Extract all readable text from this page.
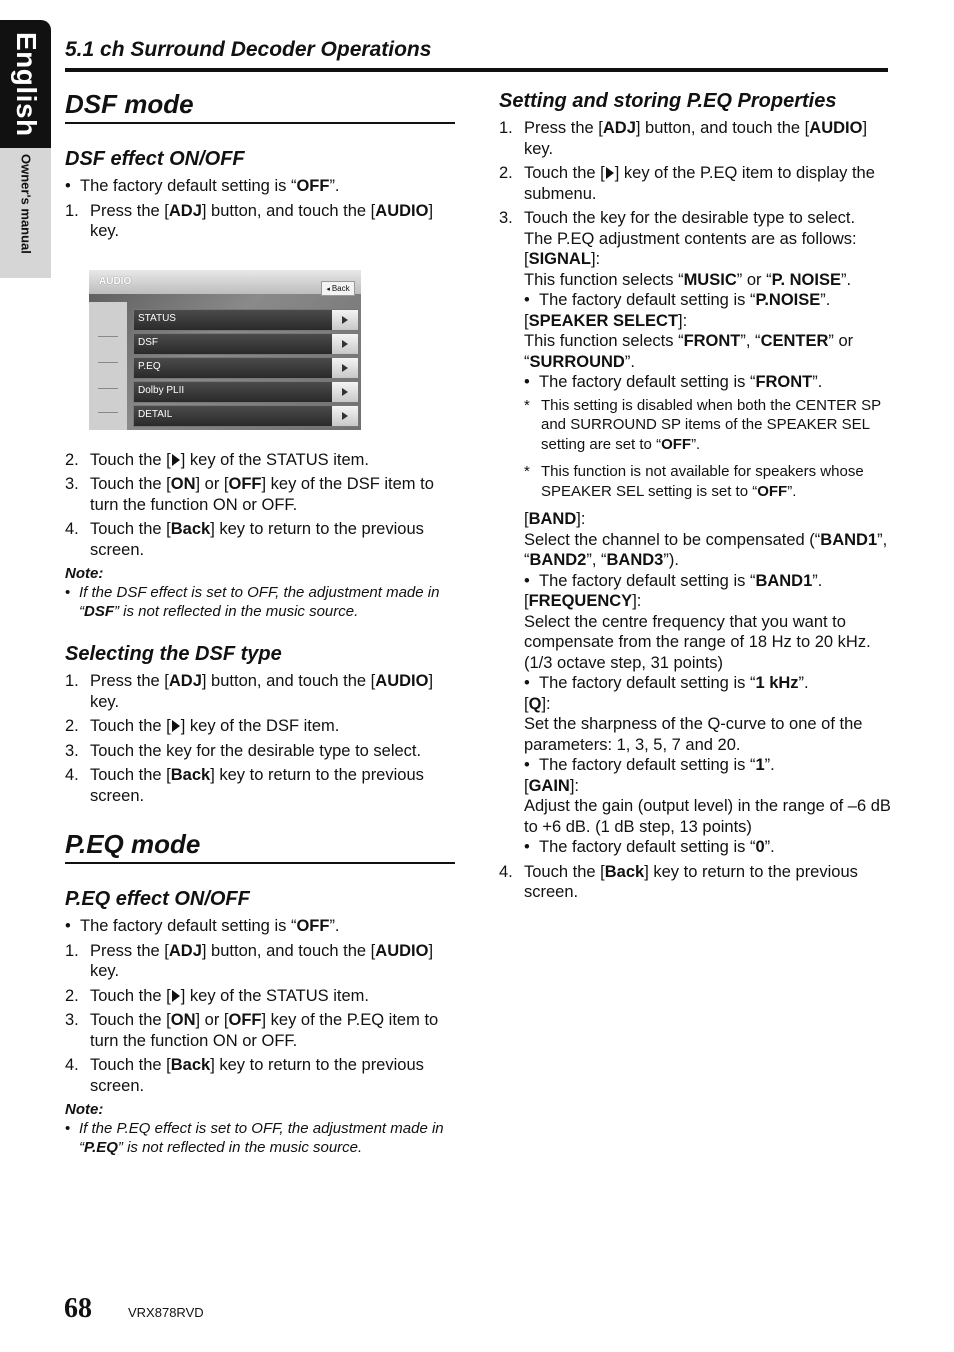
English
Owner's manual
5.1 ch Surround Decoder Operations
DSF mode
DSF effect ON/OFF

• The factory default setting is “OFF”.

1. Press the [ADJ] button, and touch the [AUDIO] key.

AUDIO
◂ Back
STATUS
DSF
P.EQ
Dolby PLII
DETAIL

2. Touch the [ ] key of the STATUS item.

3. Touch the [ON] or [OFF] key of the DSF item to turn the function ON or OFF.

4. Touch the [Back] key to return to the previous screen.

Note:

• If the DSF effect is set to OFF, the adjustment made in “DSF” is not reflected in the music source.

Selecting the DSF type

1. Press the [ADJ] button, and touch the [AUDIO] key.

2. Touch the [ ] key of the DSF item.

3. Touch the key for the desirable type to select.

4. Touch the [Back] key to return to the previous screen.

P.EQ mode
P.EQ effect ON/OFF

• The factory default setting is “OFF”.

1. Press the [ADJ] button, and touch the [AUDIO] key.

2. Touch the [ ] key of the STATUS item.

3. Touch the [ON] or [OFF] key of the P.EQ item to turn the function ON or OFF.

4. Touch the [Back] key to return to the previous screen.

Note:

• If the P.EQ effect is set to OFF, the adjustment made in “P.EQ” is not reflected in the music source.

Setting and storing P.EQ Properties

1. Press the [ADJ] button, and touch the [AUDIO] key.

2. Touch the [ ] key of the P.EQ item to display the submenu.

3. Touch the key for the desirable type to select.

The P.EQ adjustment contents are as follows:

[SIGNAL]:

This function selects “MUSIC” or “P. NOISE”.

• The factory default setting is “P.NOISE”.

[SPEAKER SELECT]:

This function selects “FRONT”, “CENTER” or “SURROUND”.

• The factory default setting is “FRONT”.

* This setting is disabled when both the CENTER SP and SURROUND SP items of the SPEAKER SEL setting are set to “OFF”.
* This function is not available for speakers whose SPEAKER SEL setting is set to “OFF”.

[BAND]:

Select the channel to be compensated (“BAND1”, “BAND2”, “BAND3”).

• The factory default setting is “BAND1”.

[FREQUENCY]:

Select the centre frequency that you want to compensate from the range of 18 Hz to 20 kHz. (1/3 octave step, 31 points)

• The factory default setting is “1 kHz”.

[Q]:

Set the sharpness of the Q-curve to one of the parameters: 1, 3, 5, 7 and 20.

• The factory default setting is “1”.

[GAIN]:

Adjust the gain (output level) in the range of –6 dB to +6 dB. (1 dB step, 13 points)

• The factory default setting is “0”.

4. Touch the [Back] key to return to the previous screen.

68	VRX878RVD
